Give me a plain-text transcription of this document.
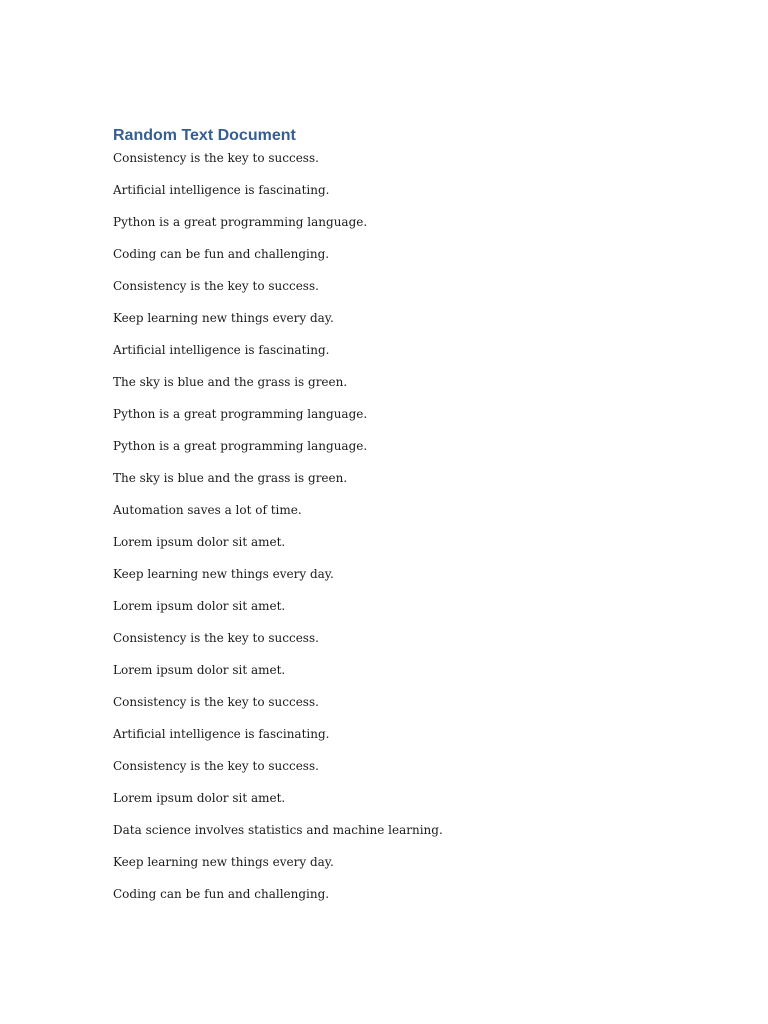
Random Text Document

Consistency is the key to success.

Artificial intelligence is fascinating.

Python is a great programming language.

Coding can be fun and challenging.

Consistency is the key to success.

Keep learning new things every day.

Artificial intelligence is fascinating.

The sky is blue and the grass is green.

Python is a great programming language.

Python is a great programming language.

The sky is blue and the grass is green.

Automation saves a lot of time.

Lorem ipsum dolor sit amet.

Keep learning new things every day.

Lorem ipsum dolor sit amet.

Consistency is the key to success.

Lorem ipsum dolor sit amet.

Consistency is the key to success.

Artificial intelligence is fascinating.

Consistency is the key to success.

Lorem ipsum dolor sit amet.

Data science involves statistics and machine learning.

Keep learning new things every day.

Coding can be fun and challenging.
